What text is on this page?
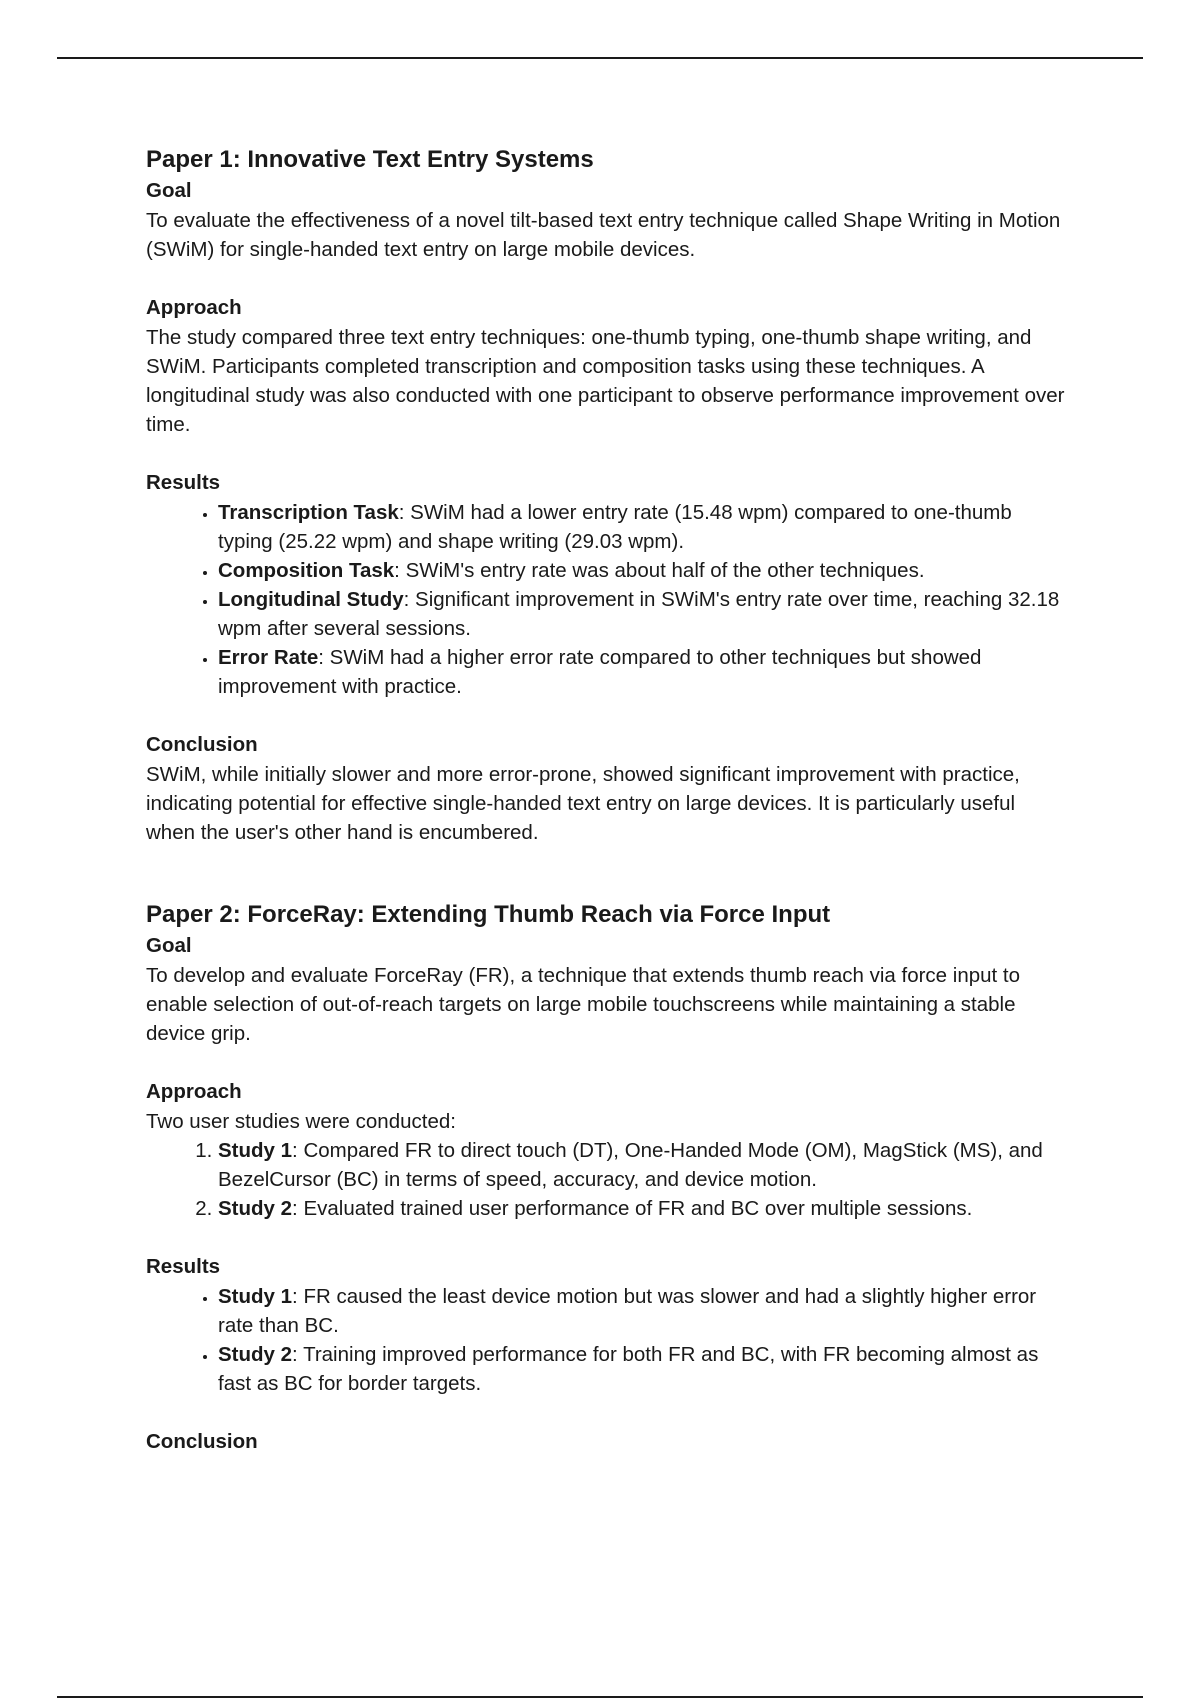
Paper 1: Innovative Text Entry Systems
Goal

To evaluate the effectiveness of a novel tilt-based text entry technique called Shape Writing in Motion (SWiM) for single-handed text entry on large mobile devices.

Approach

The study compared three text entry techniques: one-thumb typing, one-thumb shape writing, and SWiM. Participants completed transcription and composition tasks using these techniques. A longitudinal study was also conducted with one participant to observe performance improvement over time.

Results
• Transcription Task: SWiM had a lower entry rate (15.48 wpm) compared to one-thumb typing (25.22 wpm) and shape writing (29.03 wpm).
• Composition Task: SWiM's entry rate was about half of the other techniques.
• Longitudinal Study: Significant improvement in SWiM's entry rate over time, reaching 32.18 wpm after several sessions.
• Error Rate: SWiM had a higher error rate compared to other techniques but showed improvement with practice.
Conclusion

SWiM, while initially slower and more error-prone, showed significant improvement with practice, indicating potential for effective single-handed text entry on large devices. It is particularly useful when the user's other hand is encumbered.

Paper 2: ForceRay: Extending Thumb Reach via Force Input
Goal

To develop and evaluate ForceRay (FR), a technique that extends thumb reach via force input to enable selection of out-of-reach targets on large mobile touchscreens while maintaining a stable device grip.

Approach

Two user studies were conducted:

1. Study 1: Compared FR to direct touch (DT), One-Handed Mode (OM), MagStick (MS), and BezelCursor (BC) in terms of speed, accuracy, and device motion.
2. Study 2: Evaluated trained user performance of FR and BC over multiple sessions.
Results
• Study 1: FR caused the least device motion but was slower and had a slightly higher error rate than BC.
• Study 2: Training improved performance for both FR and BC, with FR becoming almost as fast as BC for border targets.
Conclusion
